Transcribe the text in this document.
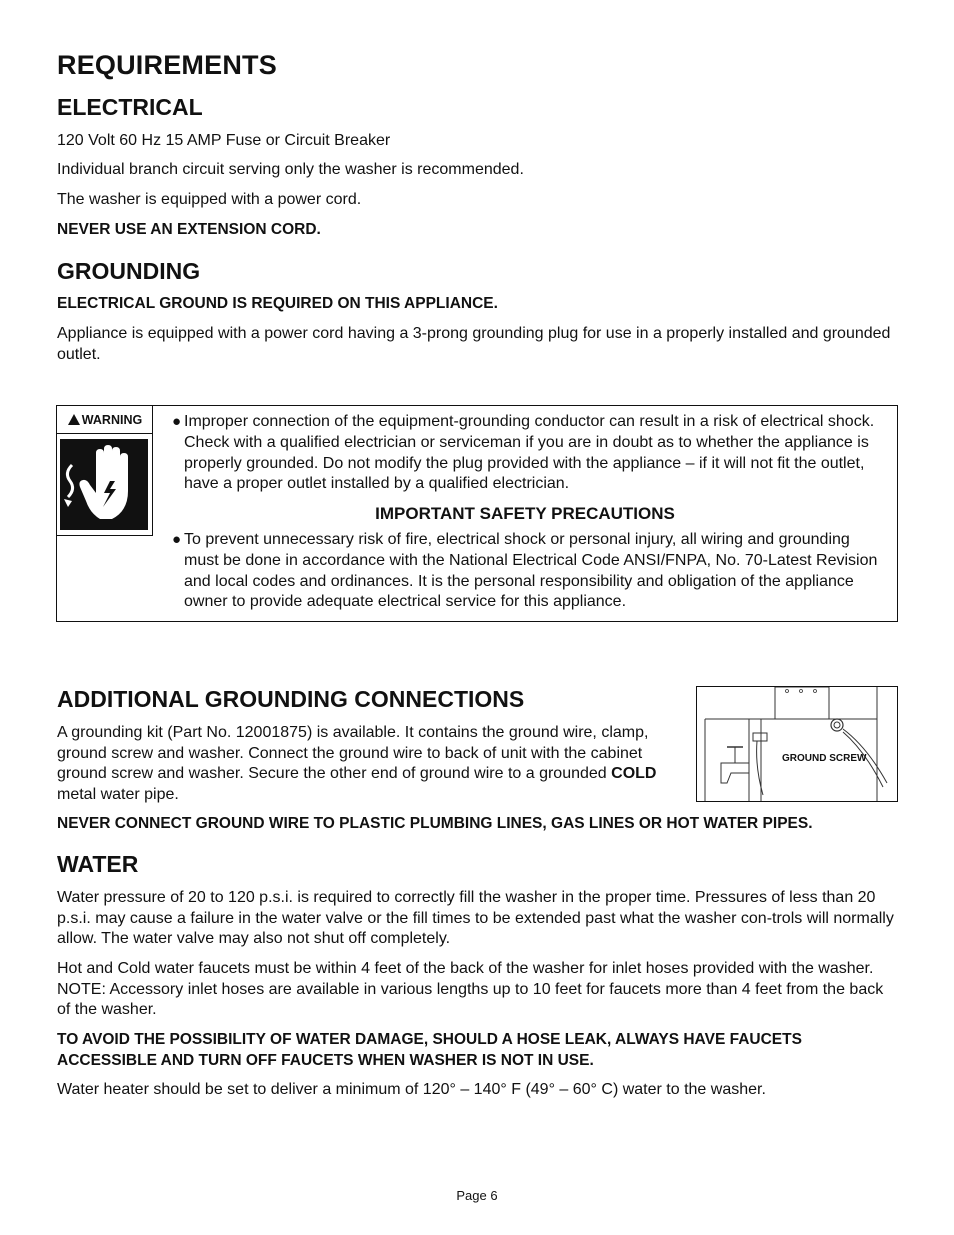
REQUIREMENTS
ELECTRICAL

120 Volt 60 Hz 15 AMP Fuse or Circuit Breaker

Individual branch circuit serving only the washer is recommended.

The washer is equipped with a power cord.

NEVER USE AN EXTENSION CORD.

GROUNDING

ELECTRICAL GROUND IS REQUIRED ON THIS APPLIANCE.

Appliance is equipped with a power cord having a 3-prong grounding plug for use in a properly installed and grounded outlet.

WARNING ● Improper connection of the equipment-grounding conductor can result in a risk of electrical shock. Check with a qualified electrician or serviceman if you are in doubt as to whether the appliance is properly grounded. Do not modify the plug provided with the appliance – if it will not fit the outlet, have a proper outlet installed by a qualified electrician.
IMPORTANT SAFETY PRECAUTIONS
● To prevent unnecessary risk of fire, electrical shock or personal injury, all wiring and grounding must be done in accordance with the National Electrical Code ANSI/FNPA, No. 70-Latest Revision and local codes and ordinances. It is the personal responsibility and obligation of the appliance owner to provide adequate electrical service for this appliance.
ADDITIONAL GROUNDING CONNECTIONS

A grounding kit (Part No. 12001875) is available. It contains the ground wire, clamp, ground screw and washer. Connect the ground wire to back of unit with the cabinet ground screw and washer. Secure the other end of ground wire to a grounded COLD metal water pipe.

GROUND SCREW

NEVER CONNECT GROUND WIRE TO PLASTIC PLUMBING LINES, GAS LINES OR HOT WATER PIPES.

WATER

Water pressure of 20 to 120 p.s.i. is required to correctly fill the washer in the proper time. Pressures of less than 20 p.s.i. may cause a failure in the water valve or the fill times to be extended past what the washer con-trols will normally allow. The water valve may also not shut off completely.

Hot and Cold water faucets must be within 4 feet of the back of the washer for inlet hoses provided with the washer. NOTE: Accessory inlet hoses are available in various lengths up to 10 feet for faucets more than 4 feet from the back of the washer.

TO AVOID THE POSSIBILITY OF WATER DAMAGE, SHOULD A HOSE LEAK, ALWAYS HAVE FAUCETS ACCESSIBLE AND TURN OFF FAUCETS WHEN WASHER IS NOT IN USE.

Water heater should be set to deliver a minimum of 120° – 140° F (49° – 60° C) water to the washer.

Page 6
